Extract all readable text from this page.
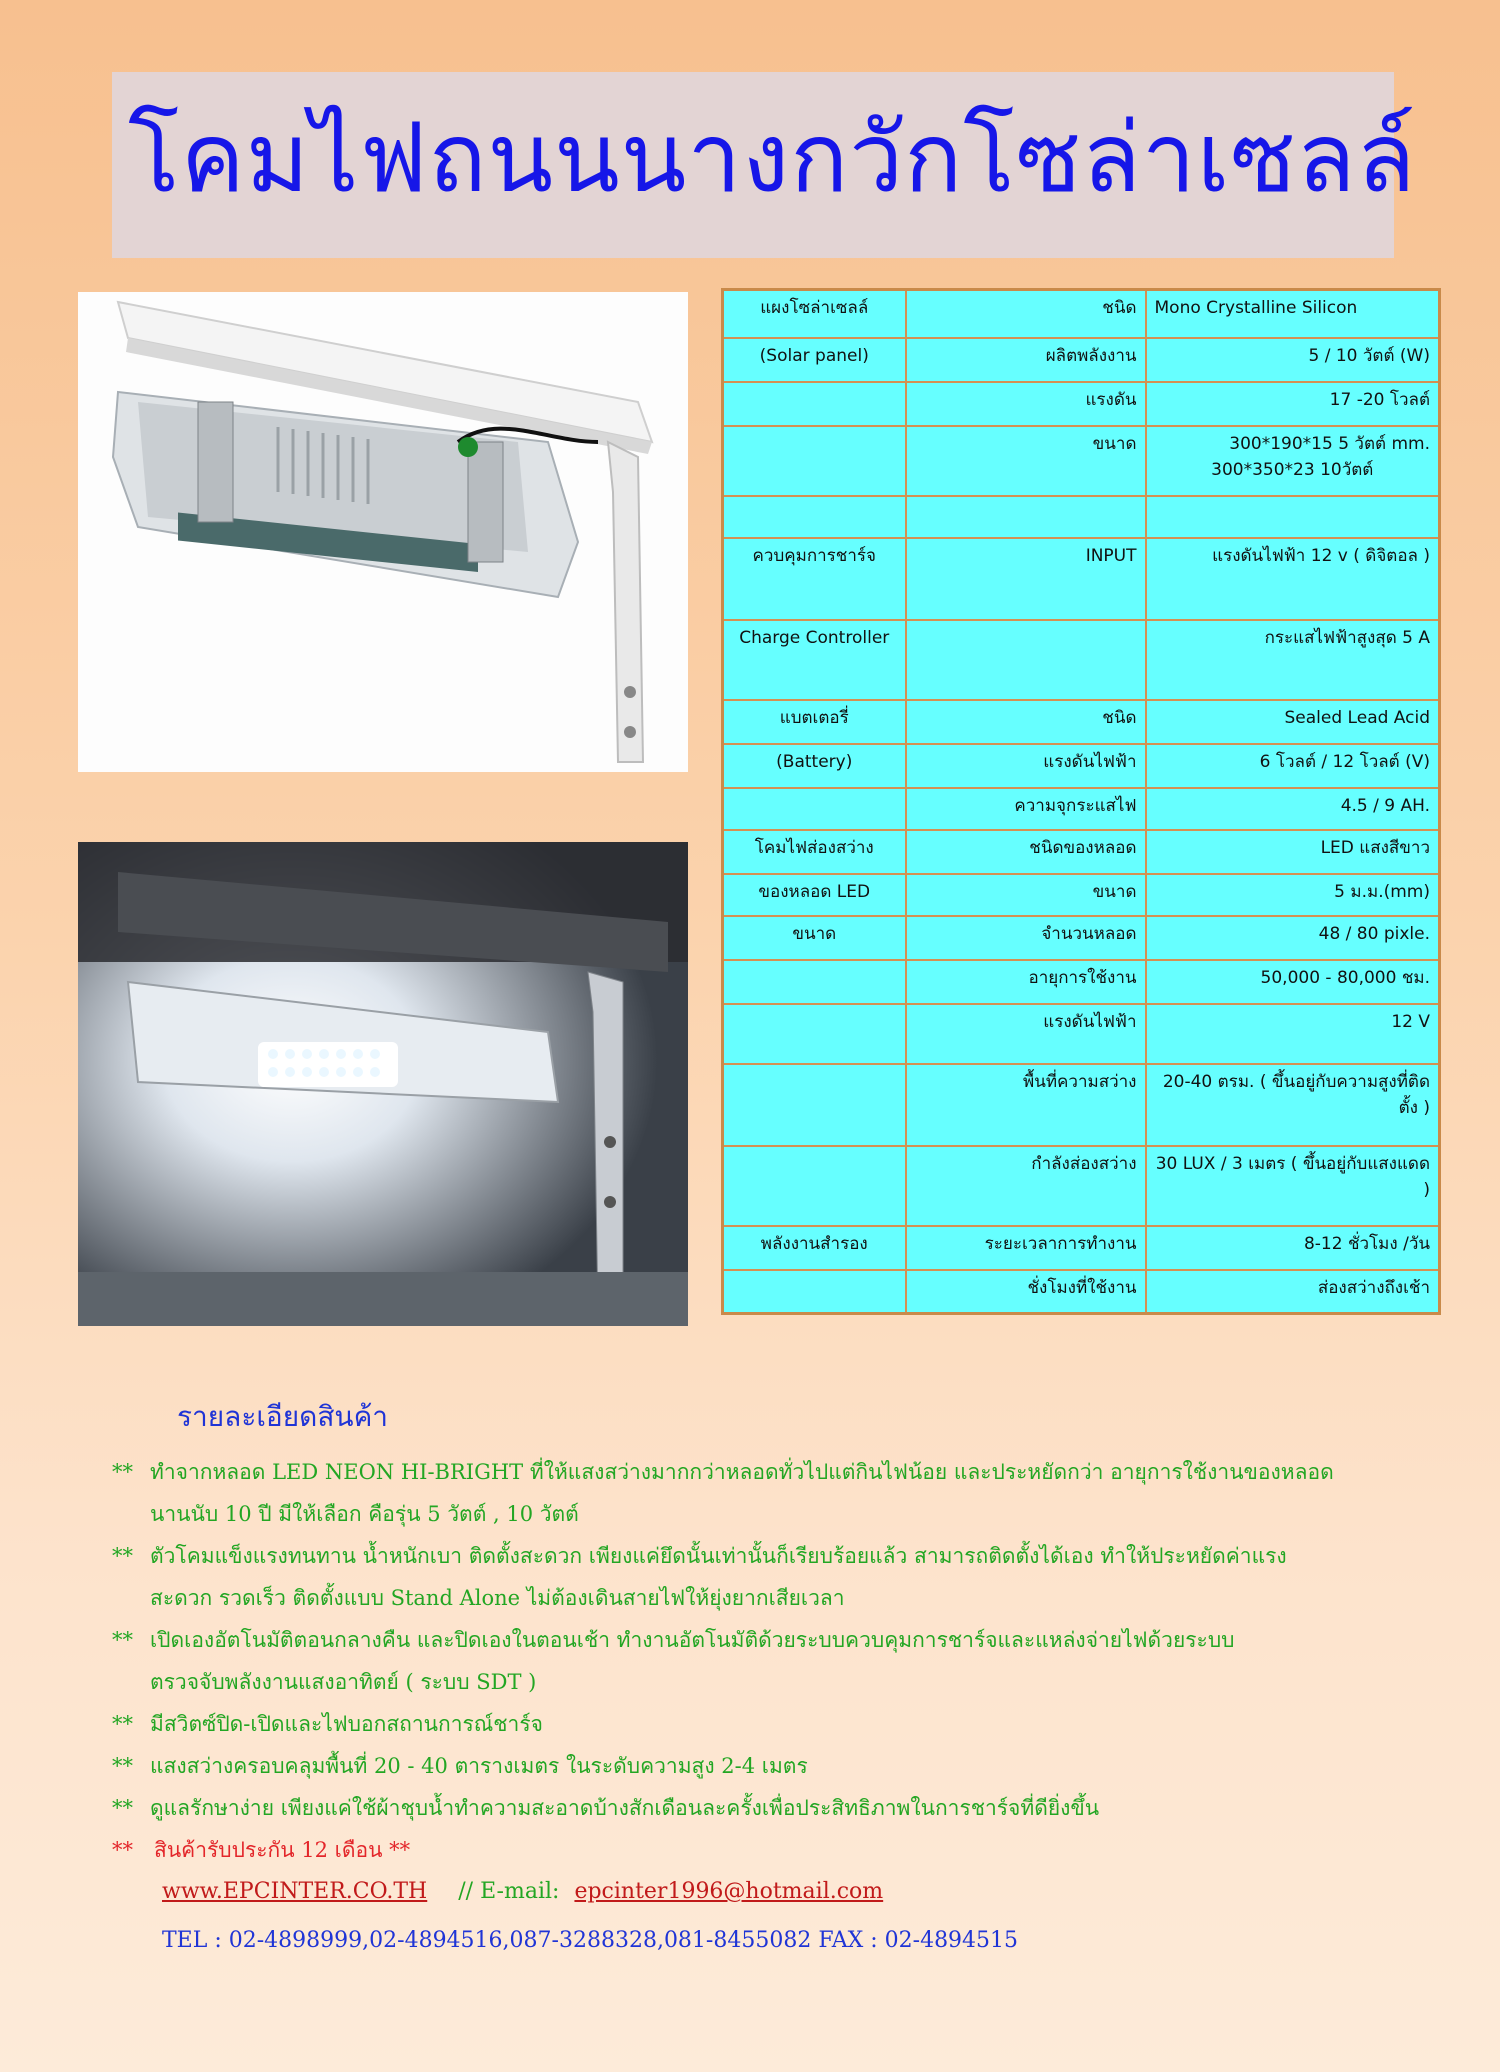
โคมไฟถนนนางกวักโซล่าเซลล์
แผงโซล่าเซลล์	ชนิด	Mono Crystalline Silicon
(Solar panel)	ผลิตพลังงาน	5 / 10 วัตต์ (W)
	แรงดัน	17 -20 โวลต์
	ขนาด	300*190*15 5 วัตต์ mm.
300*350*23 10วัตต์

ควบคุมการชาร์จ	INPUT	แรงดันไฟฟ้า 12 v ( ดิจิตอล )
Charge Controller		กระแสไฟฟ้าสูงสุด 5 A
แบตเตอรี่	ชนิด	Sealed Lead Acid
(Battery)	แรงดันไฟฟ้า	6 โวลต์ / 12 โวลต์ (V)
	ความจุกระแสไฟ	4.5 / 9 AH.
โคมไฟส่องสว่าง	ชนิดของหลอด	LED แสงสีขาว
ของหลอด LED	ขนาด	5 ม.ม.(mm)
ขนาด	จำนวนหลอด	48 / 80 pixle.
	อายุการใช้งาน	50,000 - 80,000 ชม.
	แรงดันไฟฟ้า	12 V
	พื้นที่ความสว่าง	20-40 ตรม. ( ขึ้นอยู่กับความสูงที่ติดตั้ง )
	กำลังส่องสว่าง	30 LUX / 3 เมตร ( ขึ้นอยู่กับแสงแดด )
พลังงานสำรอง	ระยะเวลาการทำงาน	8-12 ชั่วโมง /วัน
	ชั่งโมงที่ใช้งาน	ส่องสว่างถึงเช้า
รายละเอียดสินค้า
** ทำจากหลอด LED NEON HI-BRIGHT ที่ให้แสงสว่างมากกว่าหลอดทั่วไปแต่กินไฟน้อย และประหยัดกว่า อายุการใช้งานของหลอด
นานนับ 10 ปี มีให้เลือก คือรุ่น 5 วัตต์ , 10 วัตต์
** ตัวโคมแข็งแรงทนทาน น้ำหนักเบา ติดตั้งสะดวก เพียงแค่ยึดนั้นเท่านั้นก็เรียบร้อยแล้ว สามารถติดตั้งได้เอง ทำให้ประหยัดค่าแรง
สะดวก รวดเร็ว ติดตั้งแบบ Stand Alone ไม่ต้องเดินสายไฟให้ยุ่งยากเสียเวลา
** เปิดเองอัตโนมัติตอนกลางคืน และปิดเองในตอนเช้า ทำงานอัตโนมัติด้วยระบบควบคุมการชาร์จและแหล่งจ่ายไฟด้วยระบบ
ตรวจจับพลังงานแสงอาทิตย์ ( ระบบ SDT )
** มีสวิตซ์ปิด-เปิดและไฟบอกสถานการณ์ชาร์จ
** แสงสว่างครอบคลุมพื้นที่ 20 - 40 ตารางเมตร ในระดับความสูง 2-4 เมตร
** ดูแลรักษาง่าย เพียงแค่ใช้ผ้าชุบน้ำทำความสะอาดบ้างสักเดือนละครั้งเพื่อประสิทธิภาพในการชาร์จที่ดียิ่งขึ้น
** สินค้ารับประกัน 12 เดือน **
www.EPCINTER.CO.TH // E-mail: epcinter1996@hotmail.com
TEL : 02-4898999,02-4894516,087-3288328,081-8455082 FAX : 02-4894515
